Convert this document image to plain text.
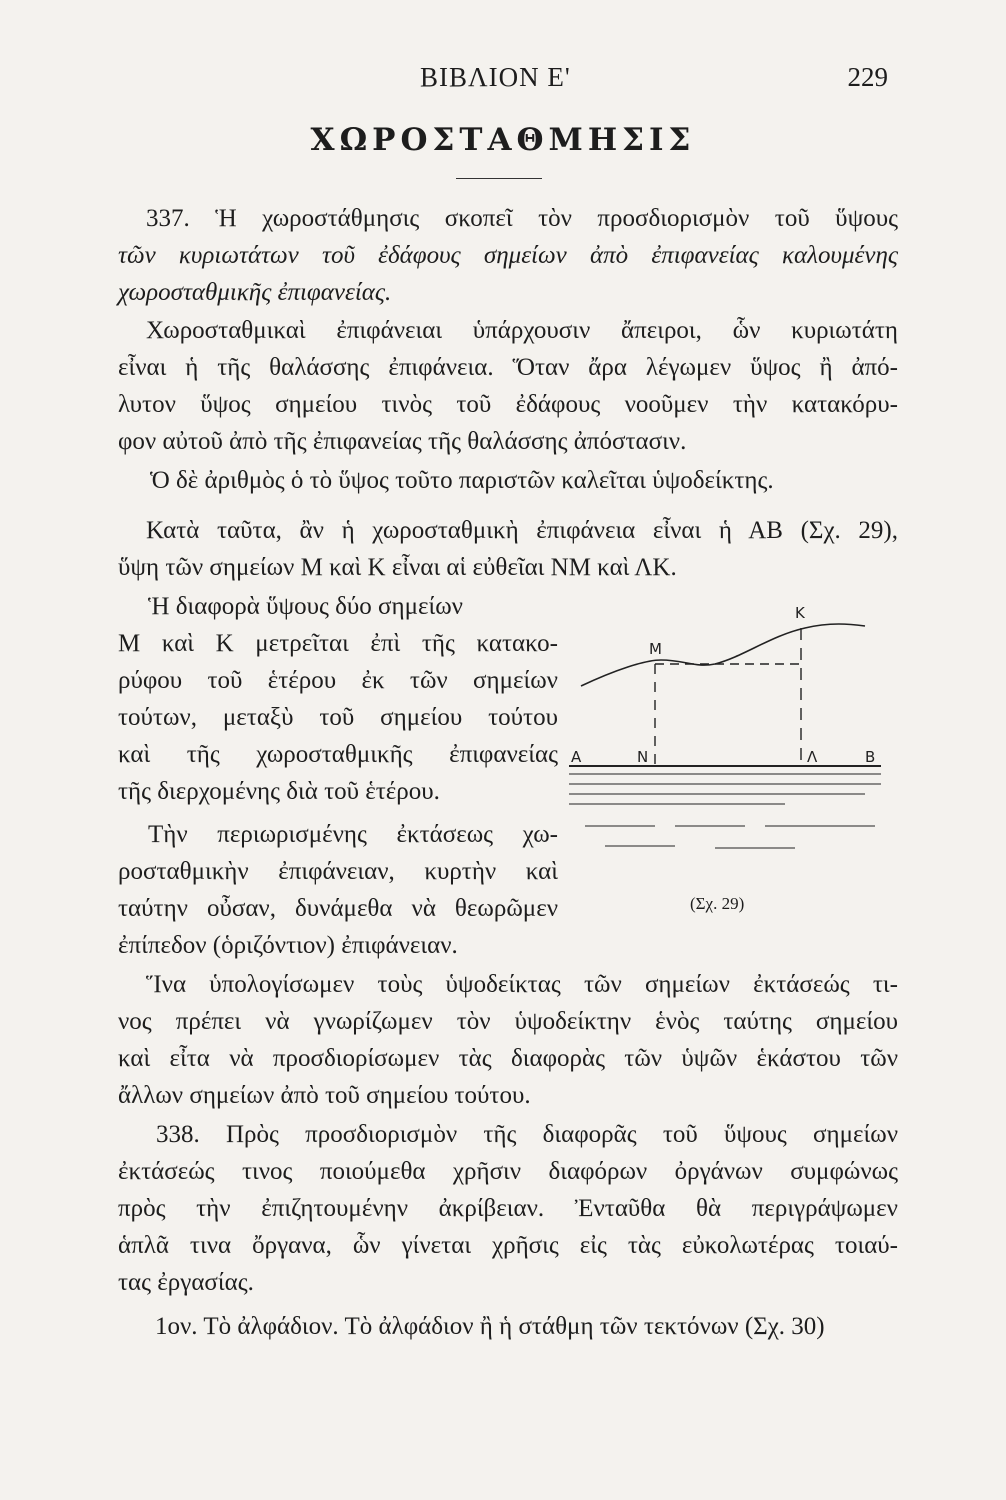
ΒΙΒΛΙΟΝ Ε'	229
ΧΩΡΟΣΤΑΘΜΗΣΙΣ
337. Ἡ χωροστάθμησις σκοπεῖ τὸν προσδιορισμὸν τοῦ ὕψους
τῶν κυριωτάτων τοῦ ἐδάφους σημείων ἀπὸ ἐπιφανείας καλουμένης
χωροσταθμικῆς ἐπιφανείας.
Χωροσταθμικαὶ ἐπιφάνειαι ὑπάρχουσιν ἄπειροι, ὧν κυριωτάτη
εἶναι ἡ τῆς θαλάσσης ἐπιφάνεια. Ὅταν ἄρα λέγωμεν ὕψος ἢ ἀπό-
λυτον ὕψος σημείου τινὸς τοῦ ἐδάφους νοοῦμεν τὴν κατακόρυ-
φον αὐτοῦ ἀπὸ τῆς ἐπιφανείας τῆς θαλάσσης ἀπόστασιν.
Ὁ δὲ ἀριθμὸς ὁ τὸ ὕψος τοῦτο παριστῶν καλεῖται ὑψοδείκτης.
Κατὰ ταῦτα, ἂν ἡ χωροσταθμικὴ ἐπιφάνεια εἶναι ἡ ΑΒ (Σχ. 29),
ὕψη τῶν σημείων Μ καὶ Κ εἶναι αἱ εὐθεῖαι ΝΜ καὶ ΛΚ.
Ἡ διαφορὰ ὕψους δύο σημείων
Μ καὶ Κ μετρεῖται ἐπὶ τῆς κατακο-
ρύφου τοῦ ἑτέρου ἐκ τῶν σημείων
τούτων, μεταξὺ τοῦ σημείου τούτου
καὶ τῆς χωροσταθμικῆς ἐπιφανείας
τῆς διερχομένης διὰ τοῦ ἑτέρου.
Τὴν περιωρισμένης ἐκτάσεως χω-
ροσταθμικὴν ἐπιφάνειαν, κυρτὴν καὶ
ταύτην οὖσαν, δυνάμεθα νὰ θεωρῶμεν
ἐπίπεδον (ὁριζόντιον) ἐπιφάνειαν.
Ἵνα ὑπολογίσωμεν τοὺς ὑψοδείκτας τῶν σημείων ἐκτάσεώς τι-
νος πρέπει νὰ γνωρίζωμεν τὸν ὑψοδείκτην ἑνὸς ταύτης σημείου
καὶ εἶτα νὰ προσδιορίσωμεν τὰς διαφορὰς τῶν ὑψῶν ἑκάστου τῶν
ἄλλων σημείων ἀπὸ τοῦ σημείου τούτου.
338. Πρὸς προσδιορισμὸν τῆς διαφορᾶς τοῦ ὕψους σημείων
ἐκτάσεώς τινος ποιούμεθα χρῆσιν διαφόρων ὀργάνων συμφώνως
πρὸς τὴν ἐπιζητουμένην ἀκρίβειαν. Ἐνταῦθα θὰ περιγράψωμεν
ἁπλᾶ τινα ὄργανα, ὧν γίνεται χρῆσις εἰς τὰς εὐκολωτέρας τοιαύ-
τας ἐργασίας.
1ον. Τὸ ἀλφάδιον. Τὸ ἀλφάδιον ἢ ἡ στάθμη τῶν τεκτόνων (Σχ. 30)
Κ
Μ
Α	Ν	Λ	Β
(Σχ. 29)
